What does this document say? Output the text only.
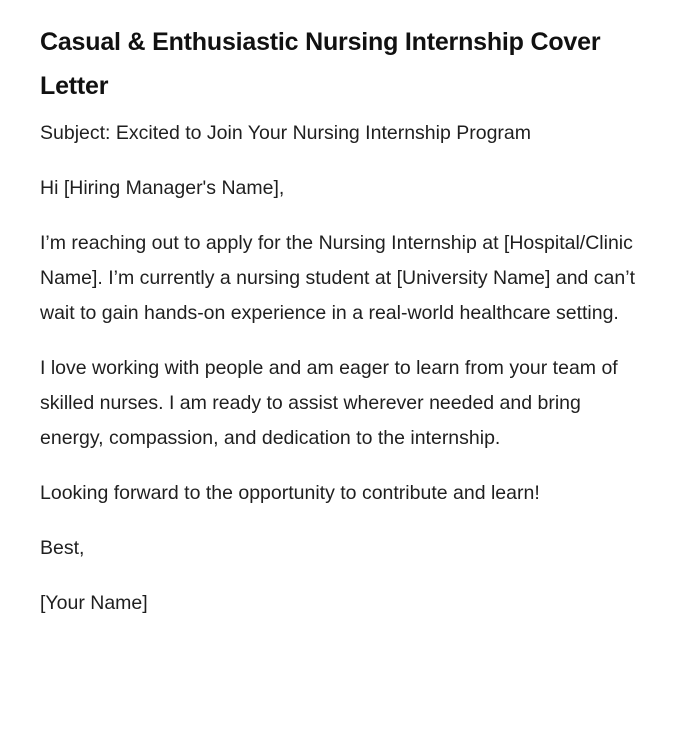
Casual & Enthusiastic Nursing Internship Cover Letter

Subject: Excited to Join Your Nursing Internship Program

Hi [Hiring Manager's Name],

I’m reaching out to apply for the Nursing Internship at [Hospital/Clinic Name]. I’m currently a nursing student at [University Name] and can’t wait to gain hands-on experience in a real-world healthcare setting.

I love working with people and am eager to learn from your team of skilled nurses. I am ready to assist wherever needed and bring energy, compassion, and dedication to the internship.

Looking forward to the opportunity to contribute and learn!

Best,

[Your Name]
